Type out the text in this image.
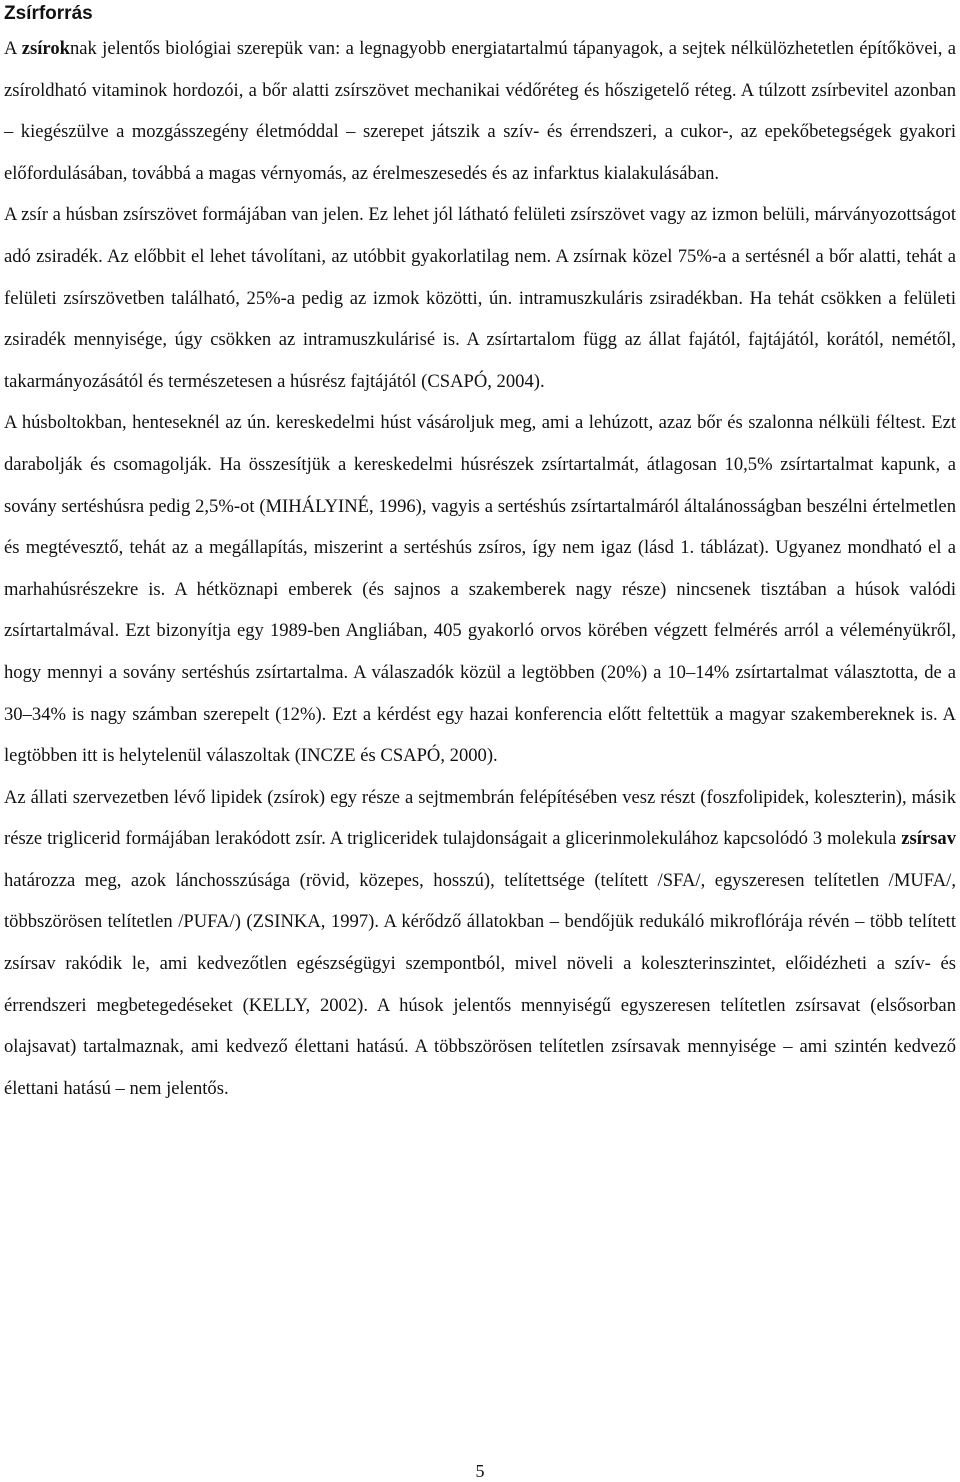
Zsírforrás

A zsíroknak jelentős biológiai szerepük van: a legnagyobb energiatartalmú tápanyagok, a sejtek nélkülözhetetlen építőkövei, a zsíroldható vitaminok hordozói, a bőr alatti zsírszövet mechanikai védőréteg és hőszigetelő réteg. A túlzott zsírbevitel azonban – kiegészülve a mozgásszegény életmóddal – szerepet játszik a szív- és érrendszeri, a cukor-, az epekőbetegségek gyakori előfordulásában, továbbá a magas vérnyomás, az érelmeszesedés és az infarktus kialakulásában.

A zsír a húsban zsírszövet formájában van jelen. Ez lehet jól látható felületi zsírszövet vagy az izmon belüli, márványozottságot adó zsiradék. Az előbbit el lehet távolítani, az utóbbit gyakorlatilag nem. A zsírnak közel 75%-a a sertésnél a bőr alatti, tehát a felületi zsírszövetben található, 25%-a pedig az izmok közötti, ún. intramuszkuláris zsiradékban. Ha tehát csökken a felületi zsiradék mennyisége, úgy csökken az intramuszkulárisé is. A zsírtartalom függ az állat fajától, fajtájától, korától, nemétől, takarmányozásától és természetesen a húsrész fajtájától (CSAPÓ, 2004).

A húsboltokban, henteseknél az ún. kereskedelmi húst vásároljuk meg, ami a lehúzott, azaz bőr és szalonna nélküli féltest. Ezt darabolják és csomagolják. Ha összesítjük a kereskedelmi húsrészek zsírtartalmát, átlagosan 10,5% zsírtartalmat kapunk, a sovány sertéshúsra pedig 2,5%-ot (MIHÁLYINÉ, 1996), vagyis a sertéshús zsírtartalmáról általánosságban beszélni értelmetlen és megtévesztő, tehát az a megállapítás, miszerint a sertéshús zsíros, így nem igaz (lásd 1. táblázat). Ugyanez mondható el a marhahúsrészekre is. A hétköznapi emberek (és sajnos a szakemberek nagy része) nincsenek tisztában a húsok valódi zsírtartalmával. Ezt bizonyítja egy 1989-ben Angliában, 405 gyakorló orvos körében végzett felmérés arról a véleményükről, hogy mennyi a sovány sertéshús zsírtartalma. A válaszadók közül a legtöbben (20%) a 10–14% zsírtartalmat választotta, de a 30–34% is nagy számban szerepelt (12%). Ezt a kérdést egy hazai konferencia előtt feltettük a magyar szakembereknek is. A legtöbben itt is helytelenül válaszoltak (INCZE és CSAPÓ, 2000).

Az állati szervezetben lévő lipidek (zsírok) egy része a sejtmembrán felépítésében vesz részt (foszfolipidek, koleszterin), másik része triglicerid formájában lerakódott zsír. A trigliceridek tulajdonságait a glicerinmolekulához kapcsolódó 3 molekula zsírsav határozza meg, azok lánchosszúsága (rövid, közepes, hosszú), telítettsége (telített /SFA/, egyszeresen telítetlen /MUFA/, többszörösen telítetlen /PUFA/) (ZSINKA, 1997). A kérődző állatokban – bendőjük redukáló mikroflórája révén – több telített zsírsav rakódik le, ami kedvezőtlen egészségügyi szempontból, mivel növeli a koleszterinszintet, előidézheti a szív- és érrendszeri megbetegedéseket (KELLY, 2002). A húsok jelentős mennyiségű egyszeresen telítetlen zsírsavat (elsősorban olajsavat) tartalmaznak, ami kedvező élettani hatású. A többszörösen telítetlen zsírsavak mennyisége – ami szintén kedvező élettani hatású – nem jelentős.

5
